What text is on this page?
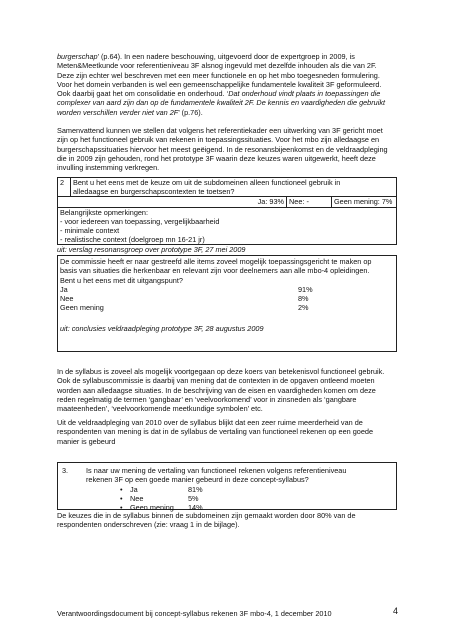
burgerschap’ (p.64). In een nadere beschouwing, uitgevoerd door de expertgroep in 2009, is

Meten&Meetkunde voor referentieniveau 3F alsnog ingevuld met dezelfde inhouden als die van 2F.

Deze zijn echter wel beschreven met een meer functionele en op het mbo toegesneden formulering.

Voor het domein verbanden is wel een gemeenschappelijke fundamentele kwaliteit 3F geformuleerd.

Ook daarbij gaat het om consolidatie en onderhoud. ‘Dat onderhoud vindt plaats in toepassingen die

complexer van aard zijn dan op de fundamentele kwaliteit 2F. De kennis en vaardigheden die gebruikt

worden verschillen verder niet van 2F’ (p.76).

Samenvattend kunnen we stellen dat volgens het referentiekader een uitwerking van 3F gericht moet

zijn op het functioneel gebruik van rekenen in toepassingssituaties. Voor het mbo zijn alledaagse en

burgerschapssituaties hiervoor het meest geëigend. In de resonansbijeenkomst en de veldraadpleging

die in 2009 zijn gehouden, rond het prototype 3F waarin deze keuzes waren uitgewerkt, heeft deze

invulling instemming verkregen.

2	Bent u het eens met de keuze om uit de subdomeinen alleen functioneel gebruik in
alledaagse en burgerschapscontexten te toetsen?		

Ja: 93%		Nee: -	Geen mening: 7%

Belangrijkste opmerkingen:
- voor iedereen van toepassing, vergelijkbaarheid
- minimale context
- realistische context (doelgroep mn 16-21 jr)			

uit: verslag resonansgroep over prototype 3F, 27 mei 2009

De commissie heeft er naar gestreefd alle items zoveel mogelijk toepassingsgericht te maken op

basis van situaties die herkenbaar en relevant zijn voor deelnemers aan alle mbo-4 opleidingen.

Bent u het eens met dit uitgangspunt?

Ja	91%
Nee	8%
Geen mening	2%

uit: conclusies veldraadpleging prototype 3F, 28 augustus 2009

In de syllabus is zoveel als mogelijk voortgegaan op deze koers van betekenisvol functioneel gebruik.

Ook de syllabuscommissie is daarbij van mening dat de contexten in de opgaven ontleend moeten

worden aan alledaagse situaties. In de beschrijving van de eisen en vaardigheden komen om deze

reden regelmatig de termen ‘gangbaar’ en ‘veelvoorkomend’ voor in zinsneden als ‘gangbare

maateenheden’, ‘veelvoorkomende meetkundige symbolen’ etc.

Uit de veldraadpleging van 2010 over de syllabus blijkt dat een zeer ruime meerderheid van de

respondenten van mening is dat in de syllabus de vertaling van functioneel rekenen op een goede

manier is gebeurd

3.	Is naar uw mening de vertaling van functioneel rekenen volgens referentieniveau
rekenen 3F op een goede manier gebeurd in deze concept-syllabus?
•	Ja	81%
•	Nee	5%
•	Geen mening	14%

De keuzes die in de syllabus binnen de subdomeinen zijn gemaakt worden door 80% van de

respondenten onderschreven (zie: vraag 1 in de bijlage).

Verantwoordingsdocument bij concept-syllabus rekenen 3F mbo-4, 1 december 2010	4
